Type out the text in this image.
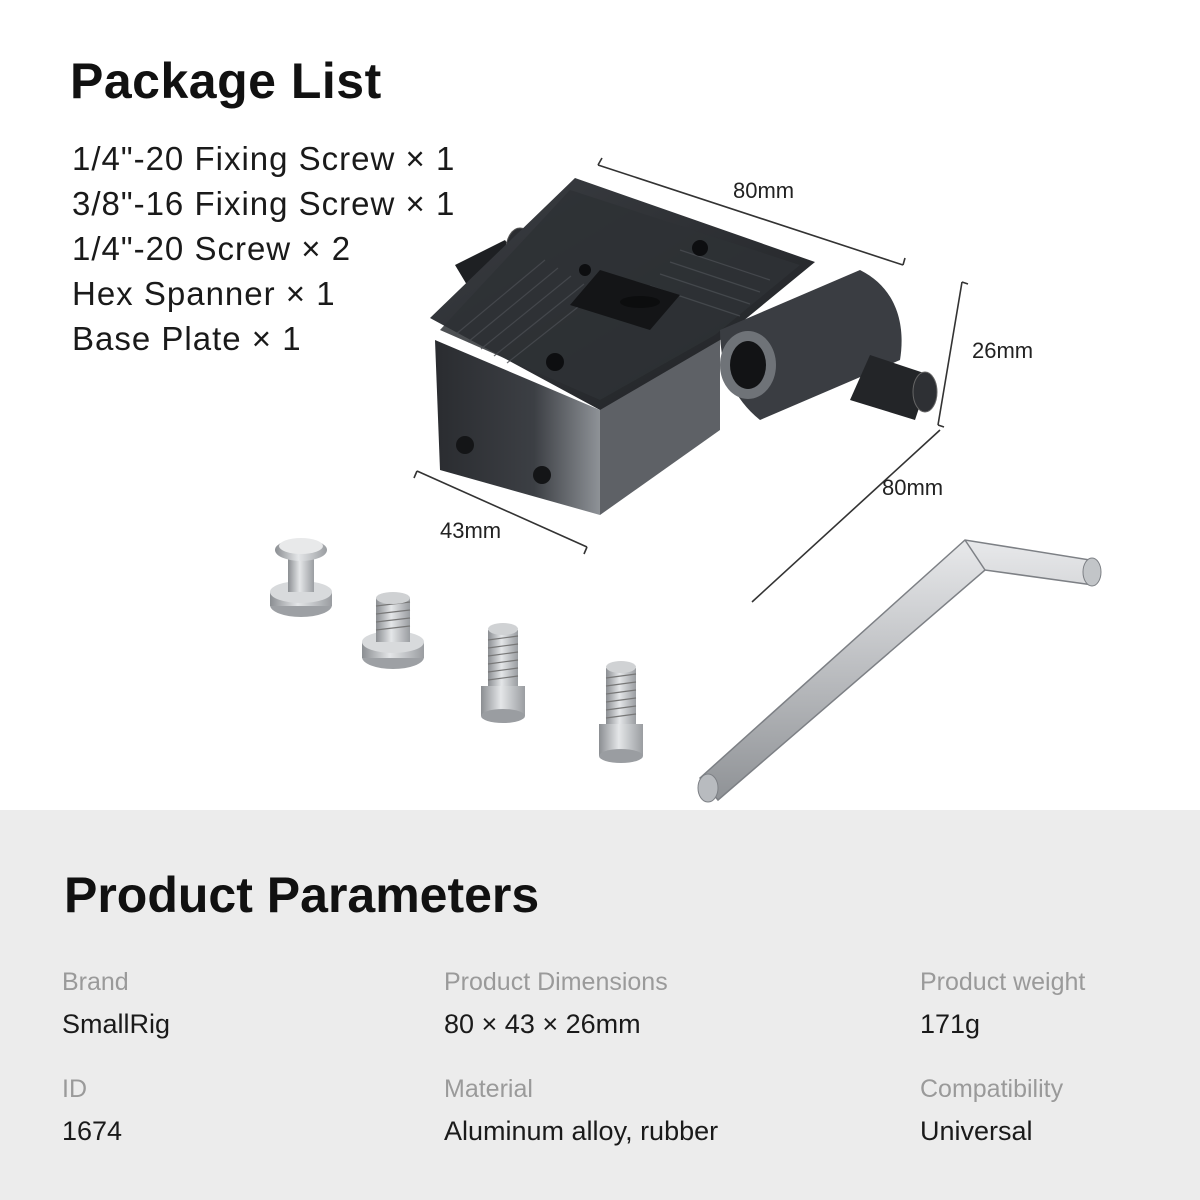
Package List
1/4"-20 Fixing Screw × 1
3/8"-16 Fixing Screw × 1
1/4"-20 Screw × 2
Hex Spanner × 1
Base Plate × 1
80mm
26mm
80mm
43mm
Product Parameters
Brand
SmallRig
Product Dimensions
80 × 43 × 26mm
Product weight
171g
ID
1674
Material
Aluminum alloy, rubber
Compatibility
Universal
